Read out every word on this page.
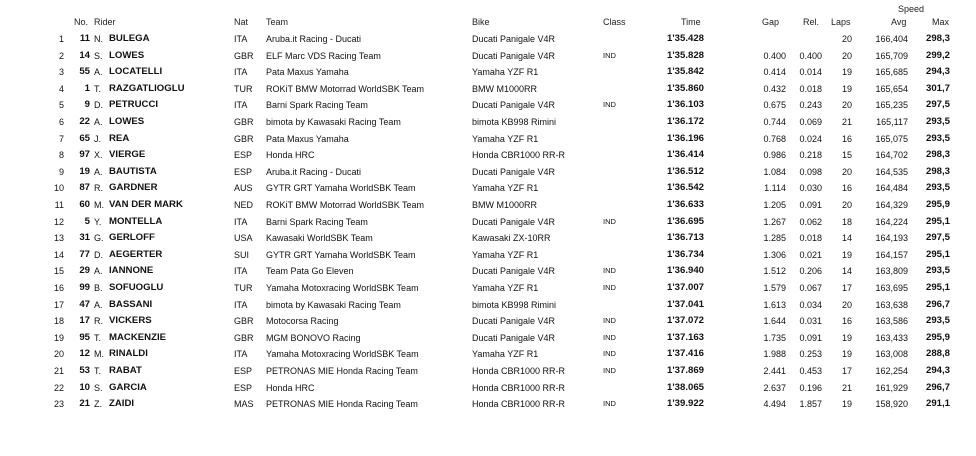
Speed
No. Rider	Nat Team	Bike	Class	Time	Gap	Rel. Laps	Avg	Max
1	11 N. BULEGA	ITA Aruba.it Racing - Ducati	Ducati Panigale V4R	1'35.428	20	166,404	298,3
2	14 S. LOWES	GBR ELF Marc VDS Racing Team	Ducati Panigale V4R	IND	1'35.828	0.400	0.400	20	165,709	299,2
3	55 A. LOCATELLI	ITA Pata Maxus Yamaha	Yamaha YZF R1	1'35.842	0.414	0.014	19	165,685	294,3
4	1 T. RAZGATLIOGLU	TUR ROKiT BMW Motorrad WorldSBK Team	BMW M1000RR	1'35.860	0.432	0.018	19	165,654	301,7
5	9 D. PETRUCCI	ITA Barni Spark Racing Team	Ducati Panigale V4R	IND	1'36.103	0.675	0.243	20	165,235	297,5
6	22 A. LOWES	GBR bimota by Kawasaki Racing Team	bimota KB998 Rimini	1'36.172	0.744	0.069	21	165,117	293,5
7	65 J. REA	GBR Pata Maxus Yamaha	Yamaha YZF R1	1'36.196	0.768	0.024	16	165,075	293,5
8	97 X. VIERGE	ESP Honda HRC	Honda CBR1000 RR-R	1'36.414	0.986	0.218	15	164,702	298,3
9	19 A. BAUTISTA	ESP Aruba.it Racing - Ducati	Ducati Panigale V4R	1'36.512	1.084	0.098	20	164,535	298,3
10	87 R. GARDNER	AUS GYTR GRT Yamaha WorldSBK Team	Yamaha YZF R1	1'36.542	1.114	0.030	16	164,484	293,5
11	60 M. VAN DER MARK	NED ROKiT BMW Motorrad WorldSBK Team	BMW M1000RR	1'36.633	1.205	0.091	20	164,329	295,9
12	5 Y. MONTELLA	ITA Barni Spark Racing Team	Ducati Panigale V4R	IND	1'36.695	1.267	0.062	18	164,224	295,1
13	31 G. GERLOFF	USA Kawasaki WorldSBK Team	Kawasaki ZX-10RR	1'36.713	1.285	0.018	14	164,193	297,5
14	77 D. AEGERTER	SUI GYTR GRT Yamaha WorldSBK Team	Yamaha YZF R1	1'36.734	1.306	0.021	19	164,157	295,1
15	29 A. IANNONE	ITA Team Pata Go Eleven	Ducati Panigale V4R	IND	1'36.940	1.512	0.206	14	163,809	293,5
16	99 B. SOFUOGLU	TUR Yamaha Motoxracing WorldSBK Team	Yamaha YZF R1	IND	1'37.007	1.579	0.067	17	163,695	295,1
17	47 A. BASSANI	ITA bimota by Kawasaki Racing Team	bimota KB998 Rimini	1'37.041	1.613	0.034	20	163,638	296,7
18	17 R. VICKERS	GBR Motocorsa Racing	Ducati Panigale V4R	IND	1'37.072	1.644	0.031	16	163,586	293,5
19	95 T. MACKENZIE	GBR MGM BONOVO Racing	Ducati Panigale V4R	IND	1'37.163	1.735	0.091	19	163,433	295,9
20	12 M. RINALDI	ITA Yamaha Motoxracing WorldSBK Team	Yamaha YZF R1	IND	1'37.416	1.988	0.253	19	163,008	288,8
21	53 T. RABAT	ESP PETRONAS MIE Honda Racing Team	Honda CBR1000 RR-R	IND	1'37.869	2.441	0.453	17	162,254	294,3
22	10 S. GARCIA	ESP Honda HRC	Honda CBR1000 RR-R	1'38.065	2.637	0.196	21	161,929	296,7
23	21 Z. ZAIDI	MAS PETRONAS MIE Honda Racing Team	Honda CBR1000 RR-R	IND	1'39.922	4.494	1.857	19	158,920	291,1
